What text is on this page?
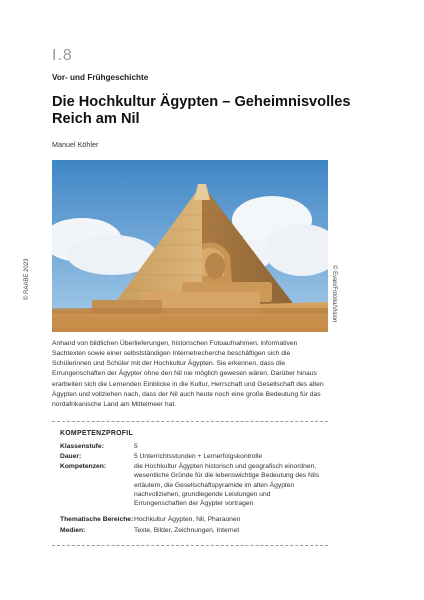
I.8
Vor- und Frühgeschichte
Die Hochkultur Ägypten – Geheimnisvolles Reich am Nil
Manuel Köhler
© RAABE 2023	© Evan/Fotolia/Vision

Anhand von bildlichen Überlieferungen, historischen Fotoaufnahmen, informativen Sachtexten sowie einer selbstständigen Internetrecherche beschäftigen sich die Schülerinnen und Schüler mit der Hochkultur Ägypten. Sie erkennen, dass die Errungenschaften der Ägypter ohne den Nil nie möglich gewesen wären. Darüber hinaus erarbeiten sich die Lernenden Einblicke in die Kultur, Herrschaft und Gesellschaft des alten Ägypten und vollziehen nach, dass der Nil auch heute noch eine große Bedeutung für das nordafrikanische Land am Mittelmeer hat.

KOMPETENZPROFIL
Klassenstufe:	5
Dauer:	5 Unterrichtsstunden + Lernerfolgskontrolle
Kompetenzen:	die Hochkultur Ägypten historisch und geografisch einordnen, wesentliche Gründe für die lebenswichtige Bedeutung des Nils erläutern, die Gesellschaftspyramide im alten Ägypten nachvollziehen, grundlegende Leistungen und Errungenschaften der Ägypter vortragen
Thematische Bereiche: Hochkultur Ägypten, Nil, Pharaonen
Medien:	Texte, Bilder, Zeichnungen, Internet
